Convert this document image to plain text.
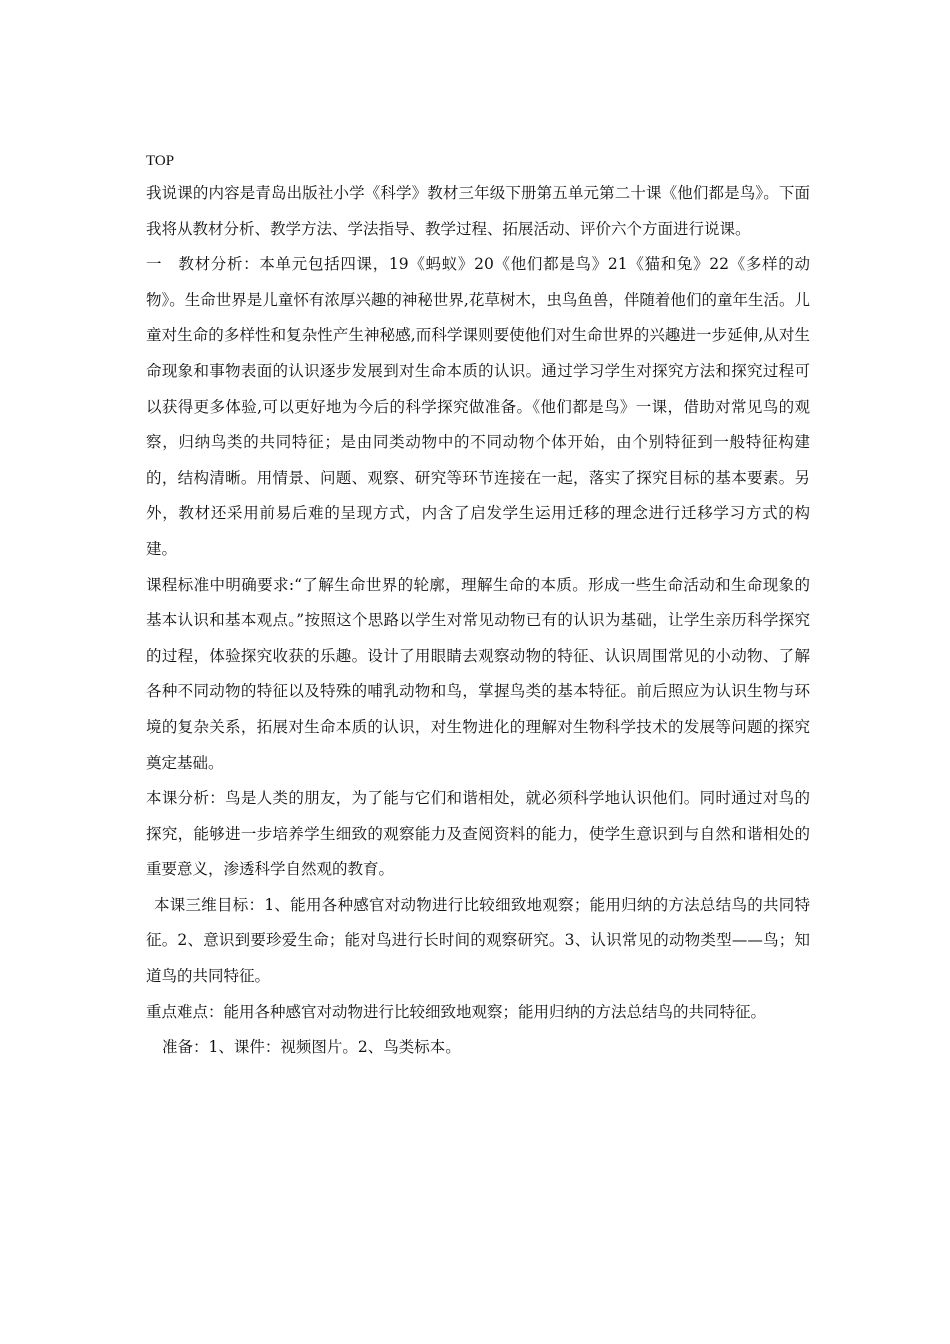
TOP

我说课的内容是青岛出版社小学《科学》教材三年级下册第五单元第二十课《他们都是鸟》。下面我将从教材分析、教学方法、学法指导、教学过程、拓展活动、评价六个方面进行说课。

一　教材分析：本单元包括四课，19《蚂蚁》20《他们都是鸟》21《猫和兔》22《多样的动物》。生命世界是儿童怀有浓厚兴趣的神秘世界,花草树木，虫鸟鱼兽，伴随着他们的童年生活。儿童对生命的多样性和复杂性产生神秘感,而科学课则要使他们对生命世界的兴趣进一步延伸,从对生命现象和事物表面的认识逐步发展到对生命本质的认识。通过学习学生对探究方法和探究过程可以获得更多体验,可以更好地为今后的科学探究做准备。《他们都是鸟》一课，借助对常见鸟的观察，归纳鸟类的共同特征；是由同类动物中的不同动物个体开始，由个别特征到一般特征构建的，结构清晰。用情景、问题、观察、研究等环节连接在一起，落实了探究目标的基本要素。另外，教材还采用前易后难的呈现方式，内含了启发学生运用迁移的理念进行迁移学习方式的构建。

课程标准中明确要求:“了解生命世界的轮廓，理解生命的本质。形成一些生命活动和生命现象的基本认识和基本观点。”按照这个思路以学生对常见动物已有的认识为基础，让学生亲历科学探究的过程，体验探究收获的乐趣。设计了用眼睛去观察动物的特征、认识周围常见的小动物、了解各种不同动物的特征以及特殊的哺乳动物和鸟，掌握鸟类的基本特征。前后照应为认识生物与环境的复杂关系，拓展对生命本质的认识，对生物进化的理解对生物科学技术的发展等问题的探究奠定基础。

本课分析：鸟是人类的朋友，为了能与它们和谐相处，就必须科学地认识他们。同时通过对鸟的探究，能够进一步培养学生细致的观察能力及查阅资料的能力，使学生意识到与自然和谐相处的重要意义，渗透科学自然观的教育。

本课三维目标：1、能用各种感官对动物进行比较细致地观察；能用归纳的方法总结鸟的共同特征。2、意识到要珍爱生命；能对鸟进行长时间的观察研究。3、认识常见的动物类型——鸟；知道鸟的共同特征。

重点难点：能用各种感官对动物进行比较细致地观察；能用归纳的方法总结鸟的共同特征。

准备：1、课件：视频图片。2、鸟类标本。
